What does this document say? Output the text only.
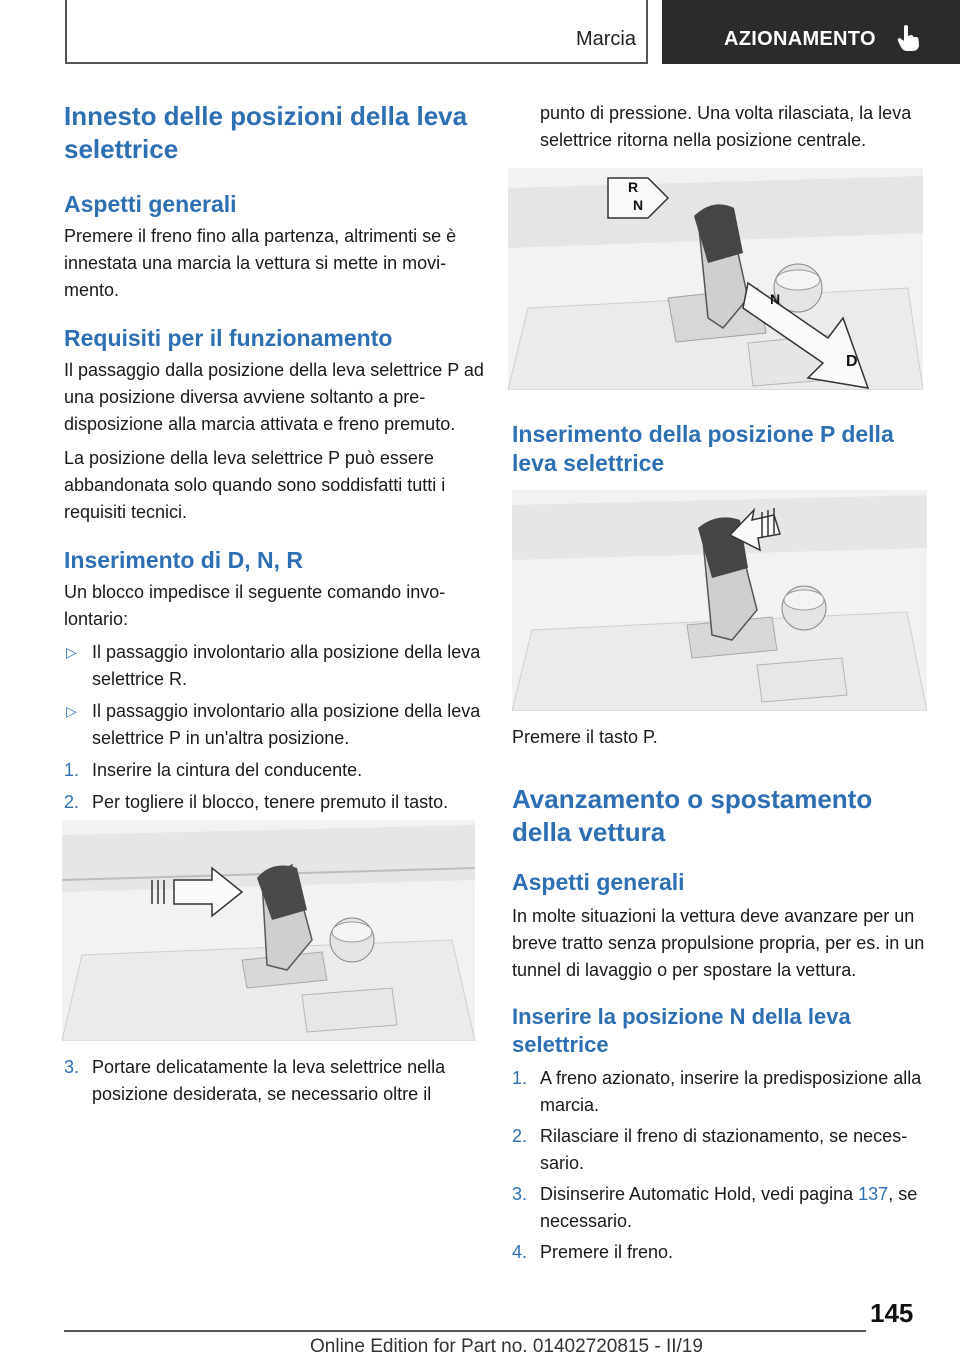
Marcia	AZIONAMENTO
Innesto delle posizioni della leva selettrice
Aspetti generali

Premere il freno fino alla partenza, altrimenti se è innestata una marcia la vettura si mette in movimento.

Requisiti per il funzionamento

Il passaggio dalla posizione della leva selettrice P ad una posizione diversa avviene soltanto a predisposizione alla marcia attivata e freno premuto.

La posizione della leva selettrice P può essere abbandonata solo quando sono soddisfatti tutti i requisiti tecnici.

Inserimento di D, N, R

Un blocco impedisce il seguente comando involontario:

▷ Il passaggio involontario alla posizione della leva selettrice R.
▷ Il passaggio involontario alla posizione della leva selettrice P in un'altra posizione.
1. Inserire la cintura del conducente.
2. Per togliere il blocco, tenere premuto il tasto.
3. Portare delicatamente la leva selettrice nella posizione desiderata, se necessario oltre il
punto di pressione. Una volta rilasciata, la leva selettrice ritorna nella posizione centrale.
R
N
N
D
Inserimento della posizione P della leva selettrice

Premere il tasto P.

Avanzamento o spostamento della vettura
Aspetti generali

In molte situazioni la vettura deve avanzare per un breve tratto senza propulsione propria, per es. in un tunnel di lavaggio o per spostare la vettura.

Inserire la posizione N della leva selettrice
1. A freno azionato, inserire la predisposizione alla marcia.
2. Rilasciare il freno di stazionamento, se necessario.
3. Disinserire Automatic Hold, vedi pagina 137, se necessario.
4. Premere il freno.
145
Online Edition for Part no. 01402720815 - II/19
